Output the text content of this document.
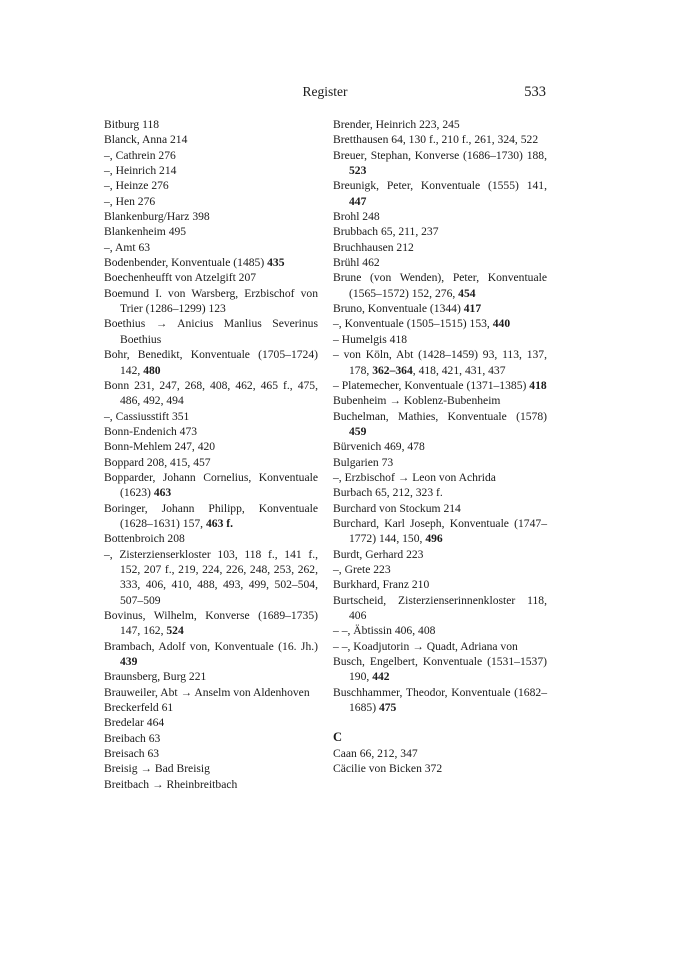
Register	533
Bitburg 118
Blanck, Anna 214
–, Cathrein 276
–, Heinrich 214
–, Heinze 276
–, Hen 276
Blankenburg/Harz 398
Blankenheim 495
–, Amt 63
Bodenbender, Konventuale (1485) 435
Boechenheufft von Atzelgift 207
Boemund I. von Warsberg, Erzbischof von Trier (1286–1299) 123
Boethius → Anicius Manlius Severinus Boethius
Bohr, Benedikt, Konventuale (1705–1724) 142, 480
Bonn 231, 247, 268, 408, 462, 465 f., 475, 486, 492, 494
–, Cassiusstift 351
Bonn-Endenich 473
Bonn-Mehlem 247, 420
Boppard 208, 415, 457
Bopparder, Johann Cornelius, Konventuale (1623) 463
Boringer, Johann Philipp, Konventuale (1628–1631) 157, 463 f.
Bottenbroich 208
–, Zisterzienserkloster 103, 118 f., 141 f., 152, 207 f., 219, 224, 226, 248, 253, 262, 333, 406, 410, 488, 493, 499, 502–504, 507–509
Bovinus, Wilhelm, Konverse (1689–1735) 147, 162, 524
Brambach, Adolf von, Konventuale (16. Jh.) 439
Braunsberg, Burg 221
Brauweiler, Abt → Anselm von Aldenhoven
Breckerfeld 61
Bredelar 464
Breibach 63
Breisach 63
Breisig → Bad Breisig
Breitbach → Rheinbreitbach
Brender, Heinrich 223, 245
Bretthausen 64, 130 f., 210 f., 261, 324, 522
Breuer, Stephan, Konverse (1686–1730) 188, 523
Breunigk, Peter, Konventuale (1555) 141, 447
Brohl 248
Brubbach 65, 211, 237
Bruchhausen 212
Brühl 462
Brune (von Wenden), Peter, Konventuale (1565–1572) 152, 276, 454
Bruno, Konventuale (1344) 417
–, Konventuale (1505–1515) 153, 440
– Humelgis 418
– von Köln, Abt (1428–1459) 93, 113, 137, 178, 362–364, 418, 421, 431, 437
– Platemecher, Konventuale (1371–1385) 418
Bubenheim → Koblenz-Bubenheim
Buchelman, Mathies, Konventuale (1578) 459
Bürvenich 469, 478
Bulgarien 73
–, Erzbischof → Leon von Achrida
Burbach 65, 212, 323 f.
Burchard von Stockum 214
Burchard, Karl Joseph, Konventuale (1747–1772) 144, 150, 496
Burdt, Gerhard 223
–, Grete 223
Burkhard, Franz 210
Burtscheid, Zisterzienserinnenkloster 118, 406
– –, Äbtissin 406, 408
– –, Koadjutorin → Quadt, Adriana von
Busch, Engelbert, Konventuale (1531–1537) 190, 442
Buschhammer, Theodor, Konventuale (1682–1685) 475
C
Caan 66, 212, 347
Cäcilie von Bicken 372
